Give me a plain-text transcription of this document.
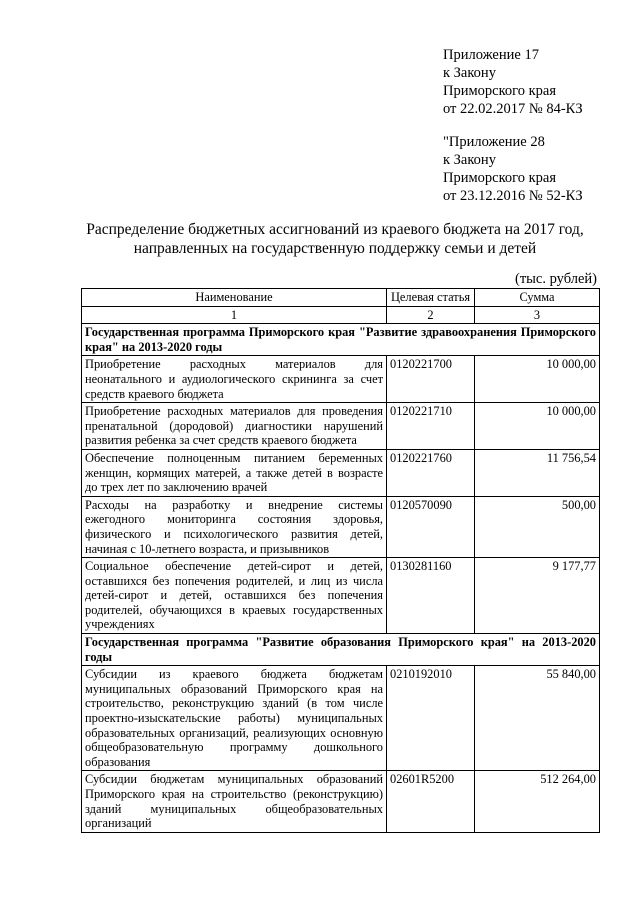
Приложение 17
к Закону
Приморского края
от 22.02.2017 № 84-КЗ
"Приложение 28
к Закону
Приморского края
от 23.12.2016 № 52-КЗ
Распределение бюджетных ассигнований из краевого бюджета на 2017 год,
направленных на государственную поддержку семьи и детей
(тыс. рублей)
Наименование	Целевая статья	Сумма
1	2	3
Государственная программа Приморского края "Развитие здравоохранения Приморского края" на 2013-2020 годы		
Приобретение расходных материалов для неонатального и аудиологического скрининга за счет средств краевого бюджета	0120221700	10 000,00
Приобретение расходных материалов для проведения пренатальной (дородовой) диагностики нарушений развития ребенка за счет средств краевого бюджета	0120221710	10 000,00
Обеспечение полноценным питанием беременных женщин, кормящих матерей, а также детей в возрасте до трех лет по заключению врачей	0120221760	11 756,54
Расходы на разработку и внедрение системы ежегодного мониторинга состояния здоровья, физического и психологического развития детей, начиная с 10-летнего возраста, и призывников	0120570090	500,00
Социальное обеспечение детей-сирот и детей, оставшихся без попечения родителей, и лиц из числа детей-сирот и детей, оставшихся без попечения родителей, обучающихся в краевых государственных учреждениях	0130281160	9 177,77
Государственная программа "Развитие образования Приморского края" на 2013-2020 годы		
Субсидии из краевого бюджета бюджетам муниципальных образований Приморского края на строительство, реконструкцию зданий (в том числе проектно-изыскательские работы) муниципальных образовательных организаций, реализующих основную общеобразовательную программу дошкольного образования	0210192010	55 840,00
Субсидии бюджетам муниципальных образований Приморского края на строительство (реконструкцию) зданий муниципальных общеобразовательных организаций	02601R5200	512 264,00
